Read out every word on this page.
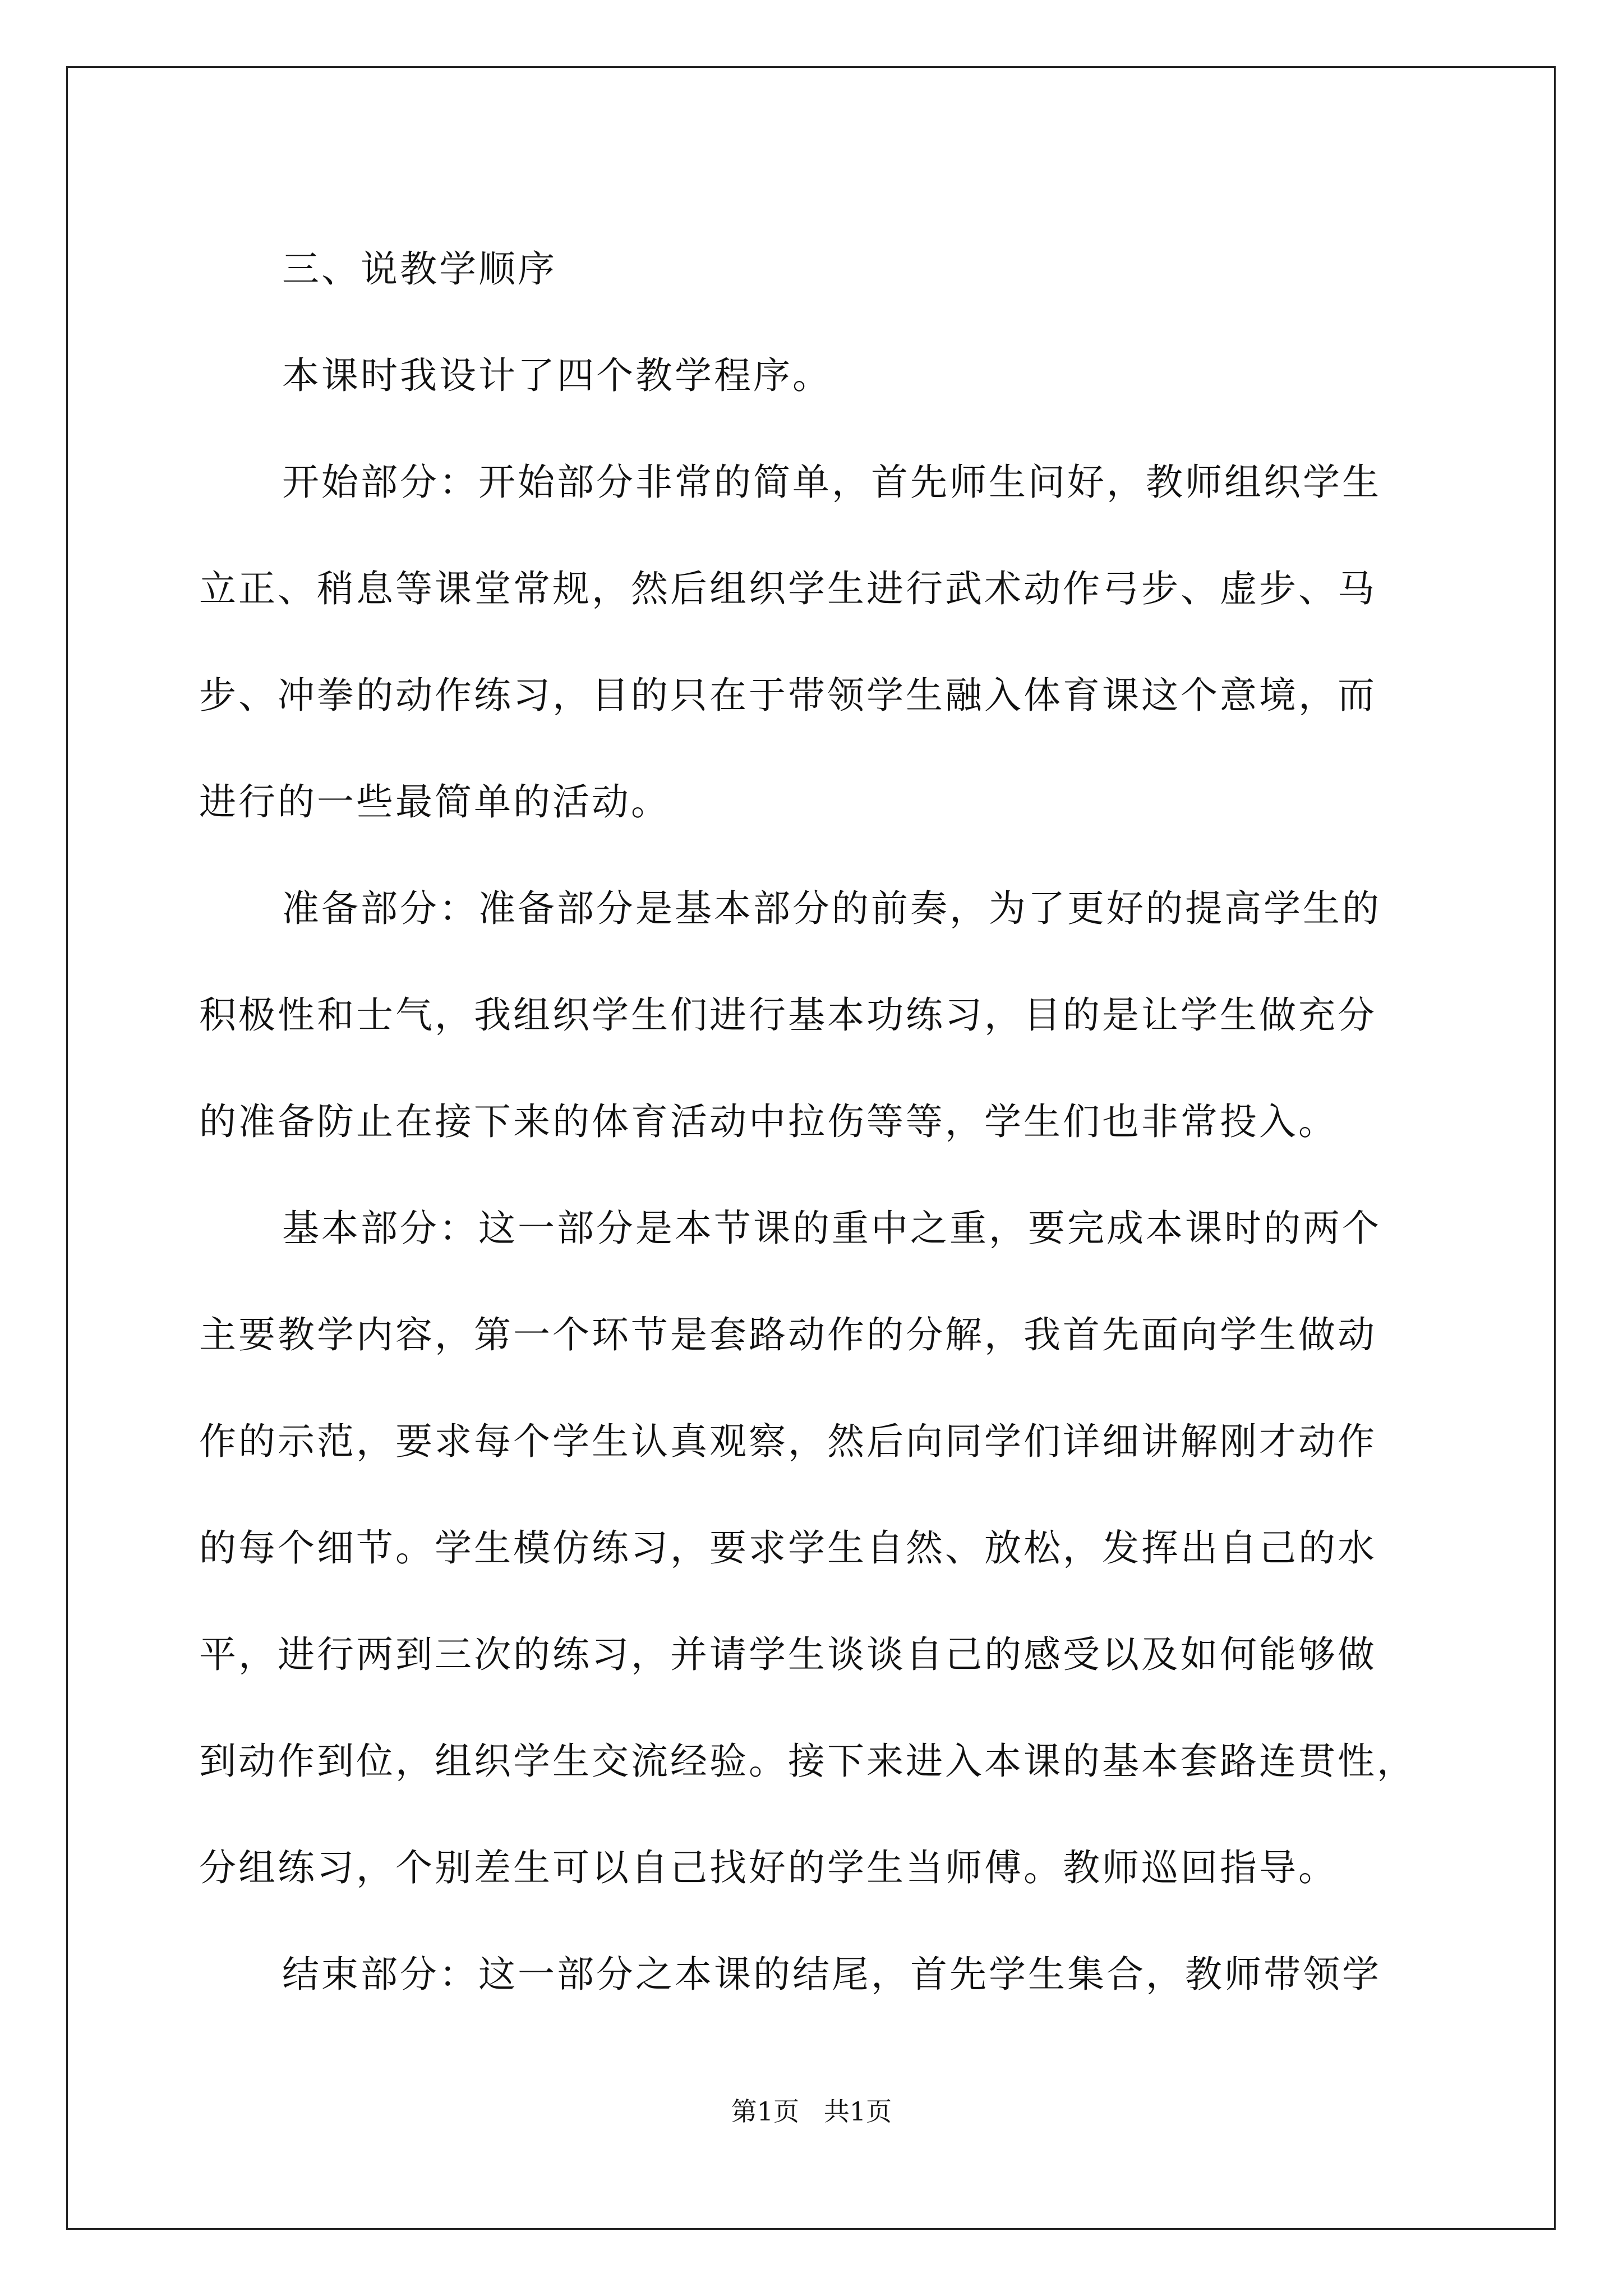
三、说教学顺序
本课时我设计了四个教学程序。
开始部分：开始部分非常的简单，首先师生问好，教师组织学生
立正、稍息等课堂常规，然后组织学生进行武术动作弓步、虚步、马
步、冲拳的动作练习，目的只在于带领学生融入体育课这个意境，而
进行的一些最简单的活动。
准备部分：准备部分是基本部分的前奏，为了更好的提高学生的
积极性和士气，我组织学生们进行基本功练习，目的是让学生做充分
的准备防止在接下来的体育活动中拉伤等等，学生们也非常投入。
基本部分：这一部分是本节课的重中之重，要完成本课时的两个
主要教学内容，第一个环节是套路动作的分解，我首先面向学生做动
作的示范，要求每个学生认真观察，然后向同学们详细讲解刚才动作
的每个细节。学生模仿练习，要求学生自然、放松，发挥出自己的水
平，进行两到三次的练习，并请学生谈谈自己的感受以及如何能够做
到动作到位，组织学生交流经验。接下来进入本课的基本套路连贯性，
分组练习，个别差生可以自己找好的学生当师傅。教师巡回指导。
结束部分：这一部分之本课的结尾，首先学生集合，教师带领学
第1页   共1页
